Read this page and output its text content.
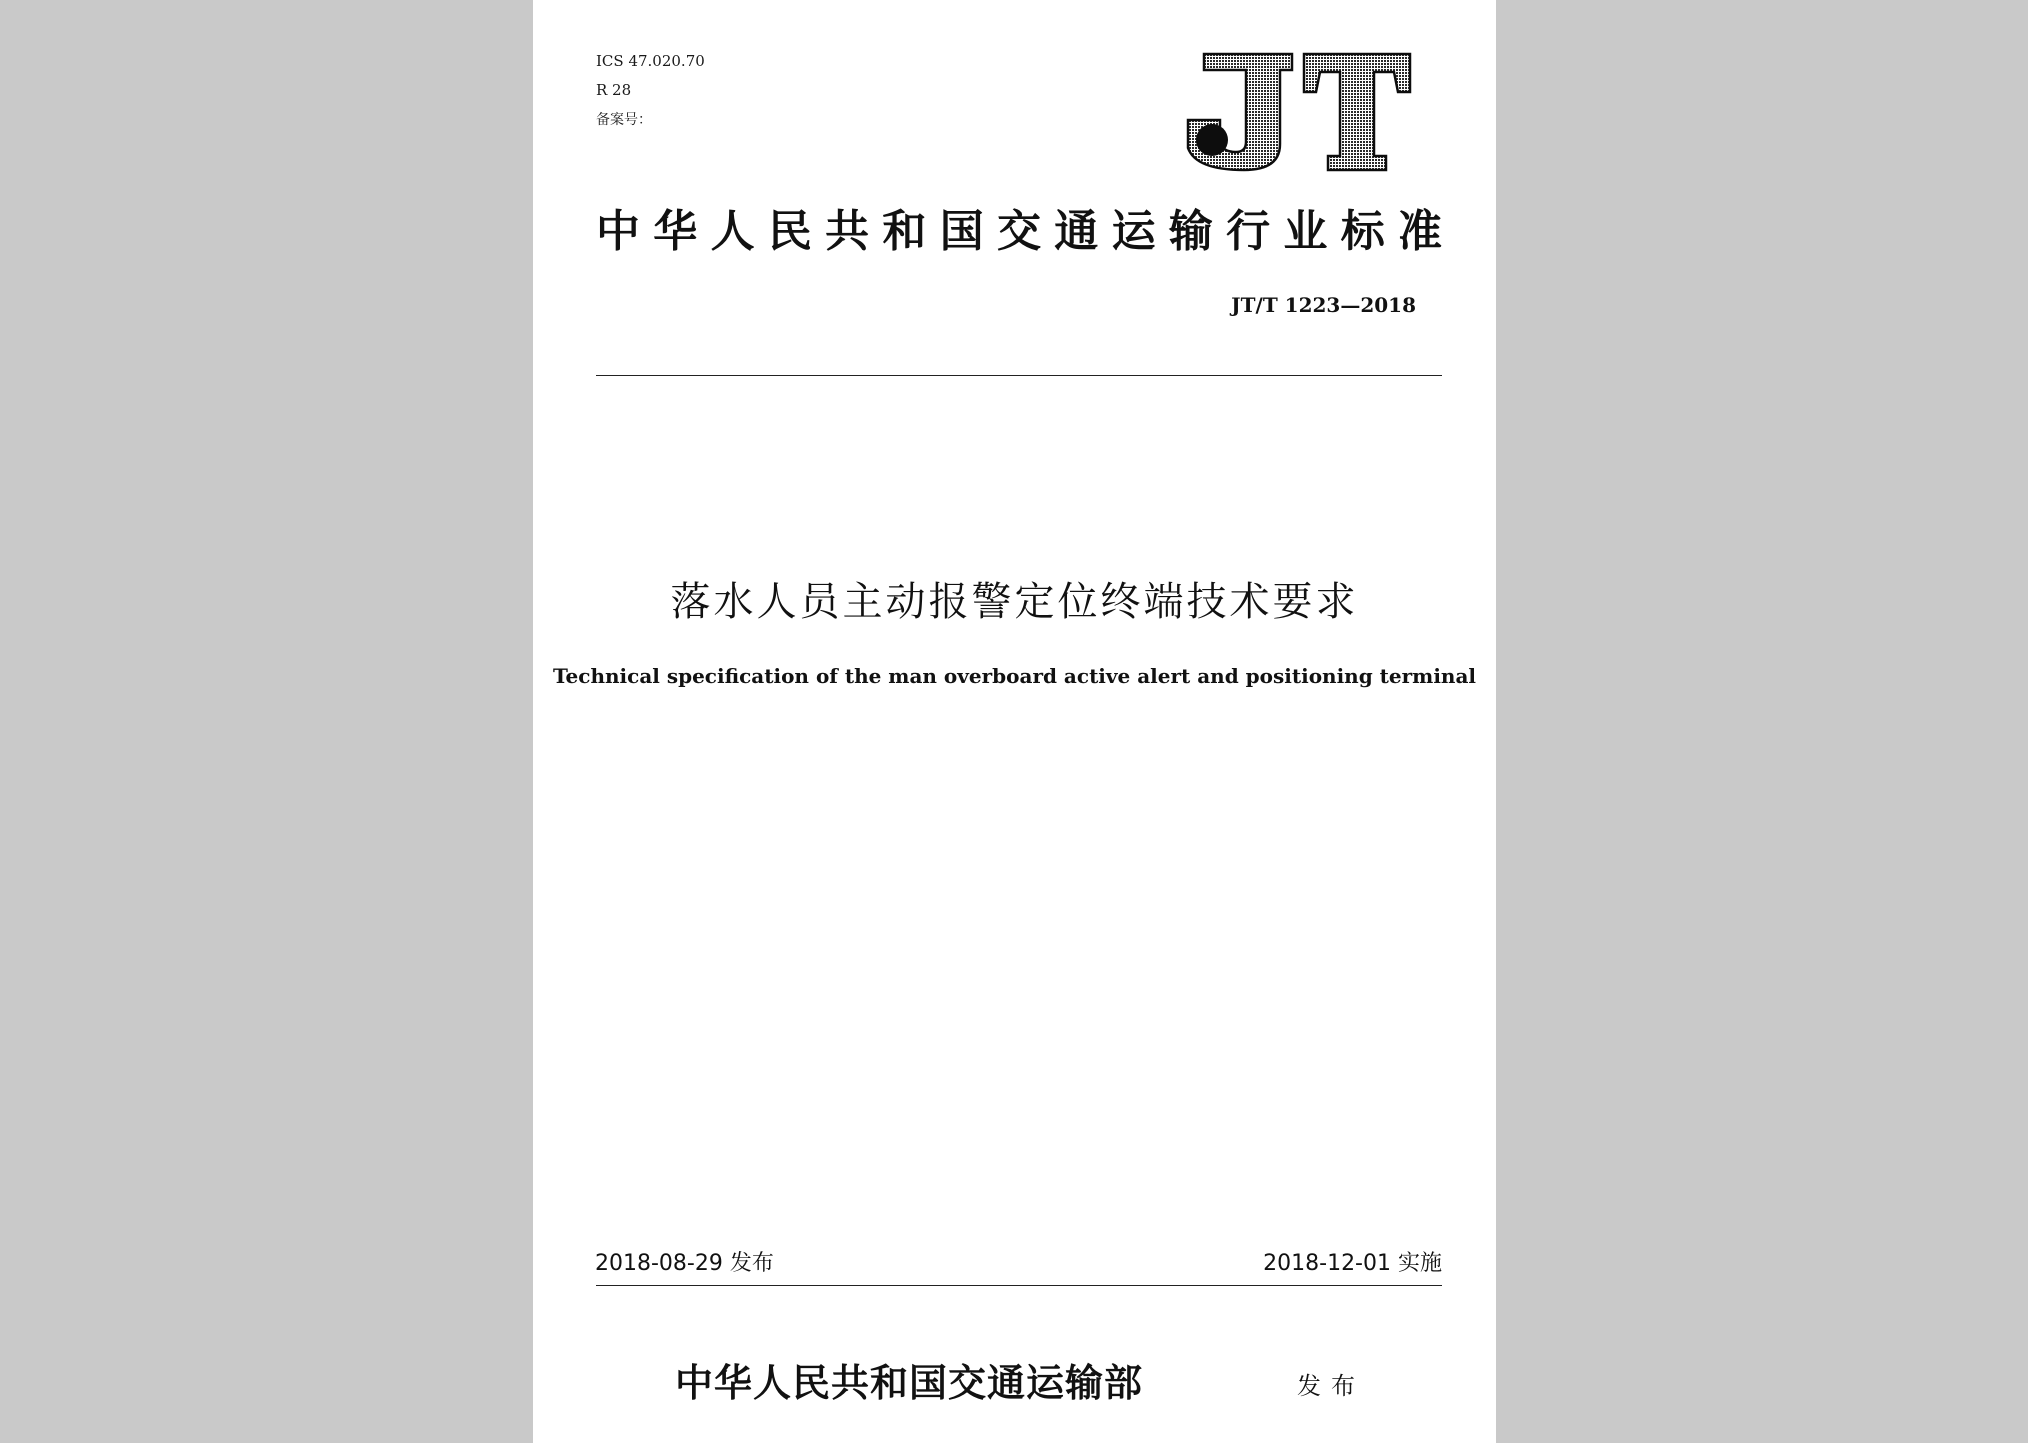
ICS 47.020.70
R 28
备案号：
中华人民共和国交通运输行业标准
JT/T 1223—2018
落水人员主动报警定位终端技术要求
Technical specification of the man overboard active alert and positioning terminal
2018-08-29 发布	2018-12-01 实施
中华人民共和国交通运输部	发布
